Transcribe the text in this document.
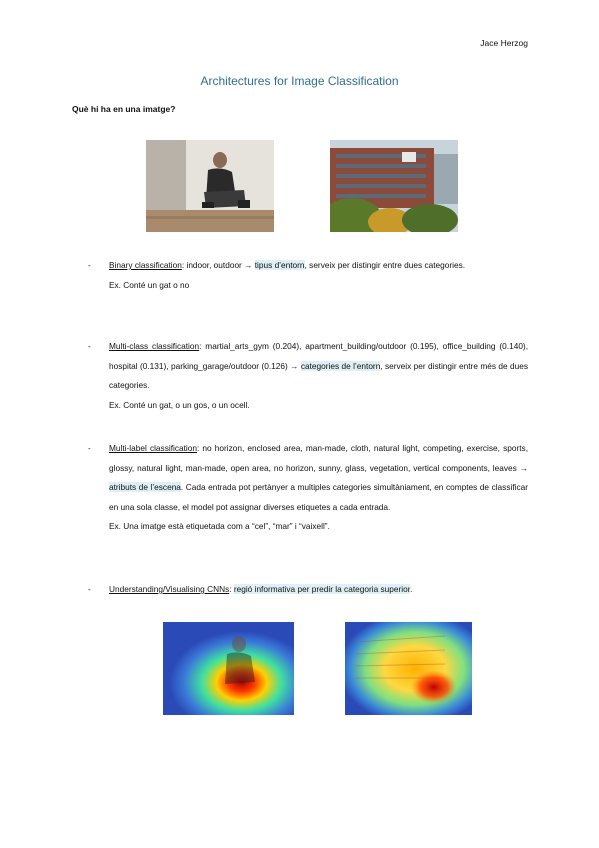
Jace Herzog
Architectures for Image Classification
Què hi ha en una imatge?
- Binary classification: indoor, outdoor → tipus d’entorn, serveix per distingir entre dues categories.
Ex. Conté un gat o no
- Multi-class classification: martial_arts_gym (0.204), apartment_building/outdoor (0.195), office_building (0.140), hospital (0.131), parking_garage/outdoor (0.126) → categories de l’entorn, serveix per distingir entre més de dues categories.
Ex. Conté un gat, o un gos, o un ocell.
- Multi-label classification: no horizon, enclosed area, man-made, cloth, natural light, competing, exercise, sports, glossy, natural light, man-made, open area, no horizon, sunny, glass, vegetation, vertical components, leaves → atributs de l’escena. Cada entrada pot pertànyer a multiples categories simultàniament, en comptes de classificar en una sola classe, el model pot assignar diverses etiquetes a cada entrada.
Ex. Una imatge està etiquetada com a “cel”, “mar” i “vaixell”.
- Understanding/Visualising CNNs: regió informativa per predir la categoria superior.
